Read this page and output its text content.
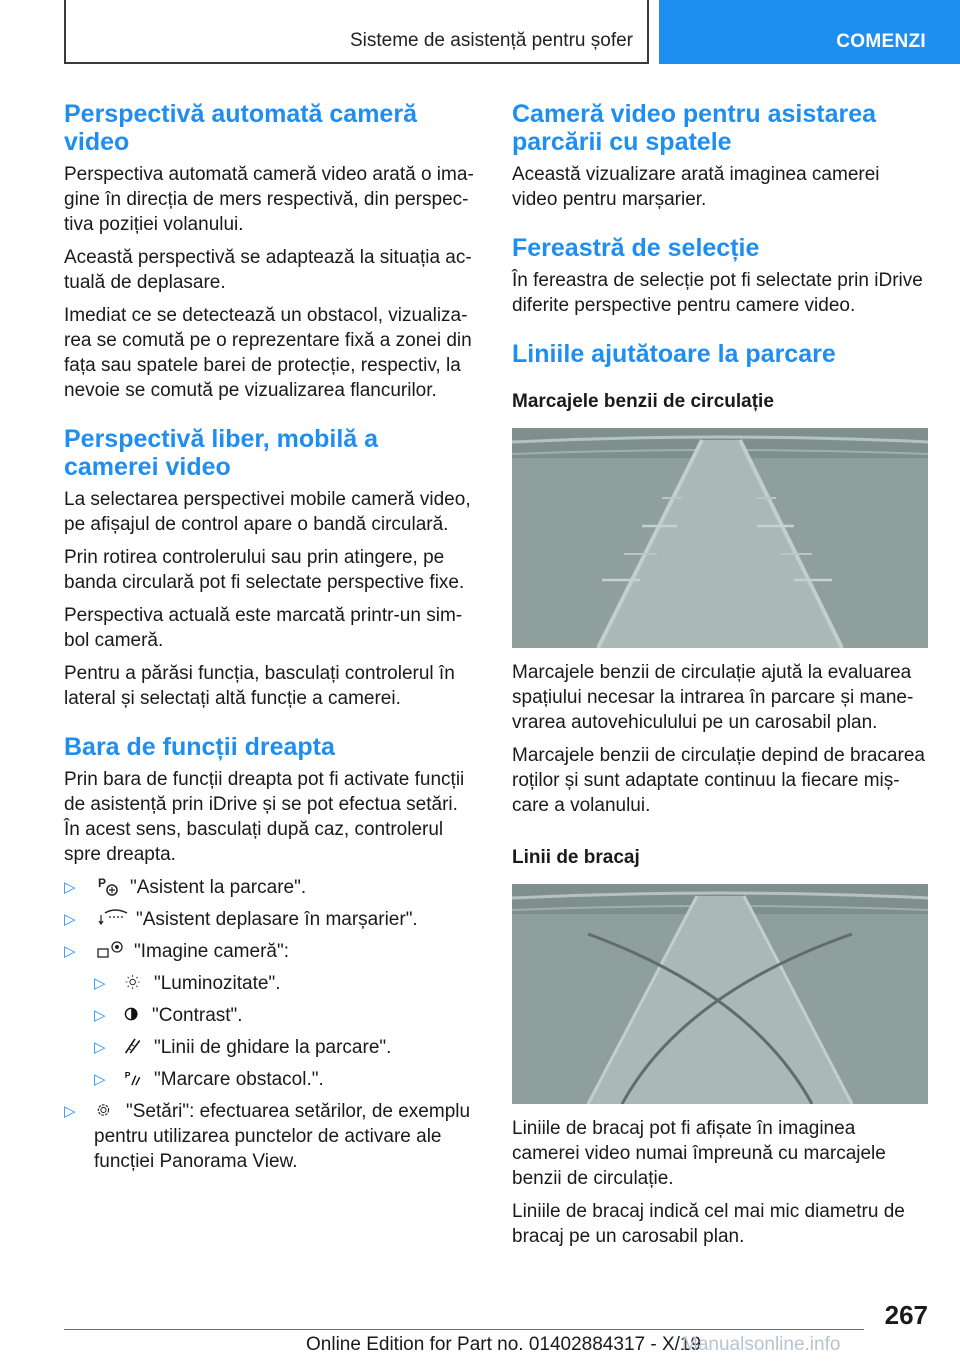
Sisteme de asistență pentru șofer	COMENZI
Perspectivă automată cameră video

Perspectiva automată cameră video arată o imagine în direcția de mers respectivă, din perspectiva poziției volanului.

Această perspectivă se adaptează la situația actuală de deplasare.

Imediat ce se detectează un obstacol, vizualizarea se comută pe o reprezentare fixă a zonei din fața sau spatele barei de protecție, respectiv, la nevoie se comută pe vizualizarea flancurilor.

Perspectivă liber, mobilă a camerei video

La selectarea perspectivei mobile cameră video, pe afișajul de control apare o bandă circulară.

Prin rotirea controlerului sau prin atingere, pe banda circulară pot fi selectate perspective fixe.

Perspectiva actuală este marcată printr-un simbol cameră.

Pentru a părăsi funcția, basculați controlerul în lateral și selectați altă funcție a camerei.

Bara de funcții dreapta

Prin bara de funcții dreapta pot fi activate funcții de asistență prin iDrive și se pot efectua setări. În acest sens, basculați după caz, controlerul spre dreapta.

▷ P "Asistent la parcare".
▷	"Asistent deplasare în marșarier".
▷	"Imagine cameră":
▷	"Luminozitate".
▷ "Contrast".
▷	"Linii de ghidare la parcare".
▷ P "Marcare obstacol.".
▷	"Setări": efectuarea setărilor, de exemplu pentru utilizarea punctelor de activare ale funcției Panorama View.
Cameră video pentru asistarea parcării cu spatele

Această vizualizare arată imaginea camerei video pentru marșarier.

Fereastră de selecție

În fereastra de selecție pot fi selectate prin iDrive diferite perspective pentru camere video.

Liniile ajutătoare la parcare
Marcajele benzii de circulație

Marcajele benzii de circulație ajută la evaluarea spațiului necesar la intrarea în parcare și manevrarea autovehiculului pe un carosabil plan.

Marcajele benzii de circulație depind de bracarea roților și sunt adaptate continuu la fiecare mișcare a volanului.

Linii de bracaj

Liniile de bracaj pot fi afișate în imaginea camerei video numai împreună cu marcajele benzii de circulație.

Liniile de bracaj indică cel mai mic diametru de bracaj pe un carosabil plan.

267
Online Edition for Part no. 01402884317 - X/19
Manualsonline.info
